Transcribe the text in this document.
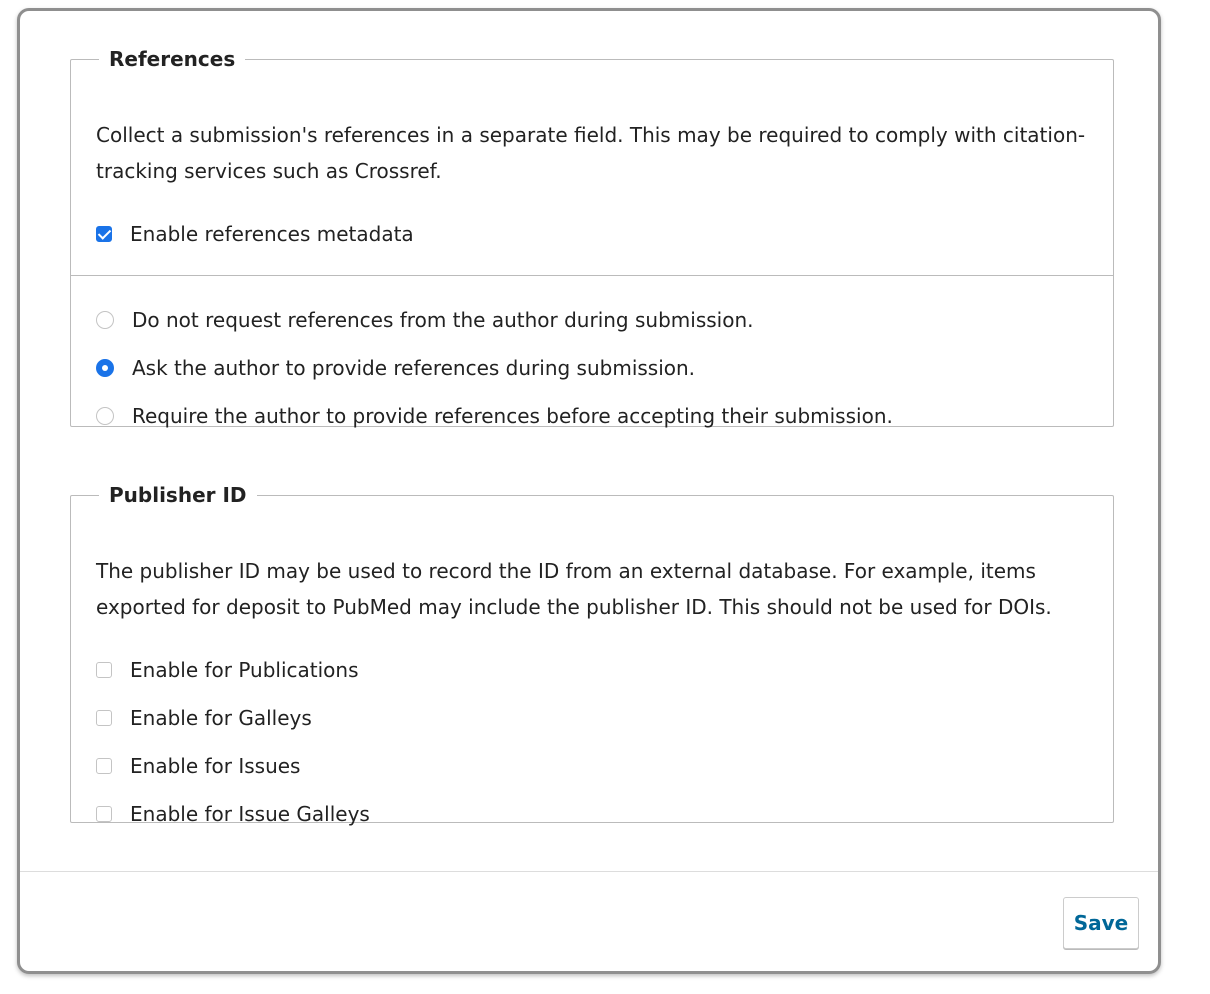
References
Collect a submission's references in a separate field. This may be required to comply with citation-tracking services such as Crossref.
Enable references metadata
Do not request references from the author during submission.
Ask the author to provide references during submission.
Require the author to provide references before accepting their submission.
Publisher ID
The publisher ID may be used to record the ID from an external database. For example, items exported for deposit to PubMed may include the publisher ID. This should not be used for DOIs.
Enable for Publications
Enable for Galleys
Enable for Issues
Enable for Issue Galleys
Save
